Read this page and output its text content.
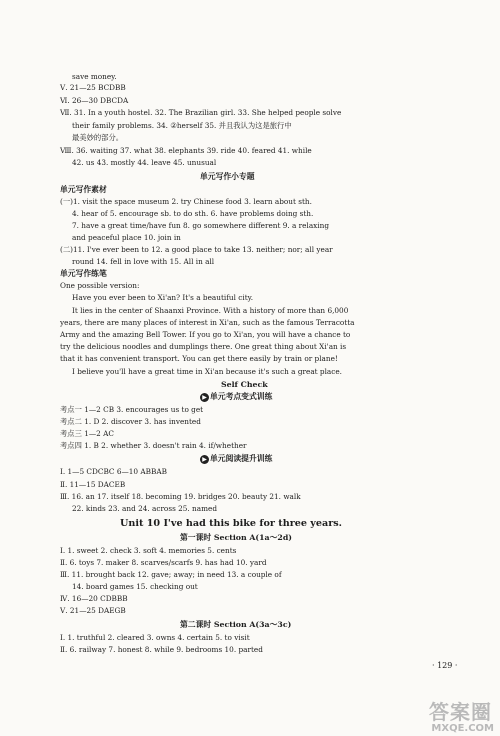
save money.
Ⅴ. 21—25 BCDBB
Ⅵ. 26—30 DBCDA
Ⅶ. 31. In a youth hostel. 32. The Brazilian girl. 33. She helped people solve
their family problems. 34. ②herself 35. 并且我认为这是旅行中
最美妙的部分。
Ⅷ. 36. waiting 37. what 38. elephants 39. ride 40. feared 41. while
42. us 43. mostly 44. leave 45. unusual
单元写作小专题
单元写作素材
(一)1. visit the space museum 2. try Chinese food 3. learn about sth.
4. hear of 5. encourage sb. to do sth. 6. have problems doing sth.
7. have a great time/have fun 8. go somewhere different 9. a relaxing
and peaceful place 10. join in
(二)11. I've ever been to 12. a good place to take 13. neither; nor; all year
round 14. fell in love with 15. All in all
单元写作练笔
One possible version:
Have you ever been to Xi'an? It's a beautiful city.
It lies in the center of Shaanxi Province. With a history of more than 6,000
years, there are many places of interest in Xi'an, such as the famous Terracotta
Army and the amazing Bell Tower. If you go to Xi'an, you will have a chance to
try the delicious noodles and dumplings there. One great thing about Xi'an is
that it has convenient transport. You can get there easily by train or plane!
I believe you'll have a great time in Xi'an because it's such a great place.
Self Check
▶ 单元考点变式训练
考点一 1—2 CB 3. encourages us to get
考点二 1. D 2. discover 3. has invented
考点三 1—2 AC
考点四 1. B 2. whether 3. doesn't rain 4. if/whether
▶ 单元阅读提升训练
Ⅰ. 1—5 CDCBC 6—10 ABBAB
Ⅱ. 11—15 DACEB
Ⅲ. 16. an 17. itself 18. becoming 19. bridges 20. beauty 21. walk
22. kinds 23. and 24. across 25. named
Unit 10 I've had this bike for three years.
第一课时 Section A(1a～2d)
Ⅰ. 1. sweet 2. check 3. soft 4. memories 5. cents
Ⅱ. 6. toys 7. maker 8. scarves/scarfs 9. has had 10. yard
Ⅲ. 11. brought back 12. gave; away; in need 13. a couple of
14. board games 15. checking out
Ⅳ. 16—20 CDBBB
Ⅴ. 21—25 DAEGB
第二课时 Section A(3a～3c)
Ⅰ. 1. truthful 2. cleared 3. owns 4. certain 5. to visit
Ⅱ. 6. railway 7. honest 8. while 9. bedrooms 10. parted
· 129 ·
答案圈
MXQE.COM
